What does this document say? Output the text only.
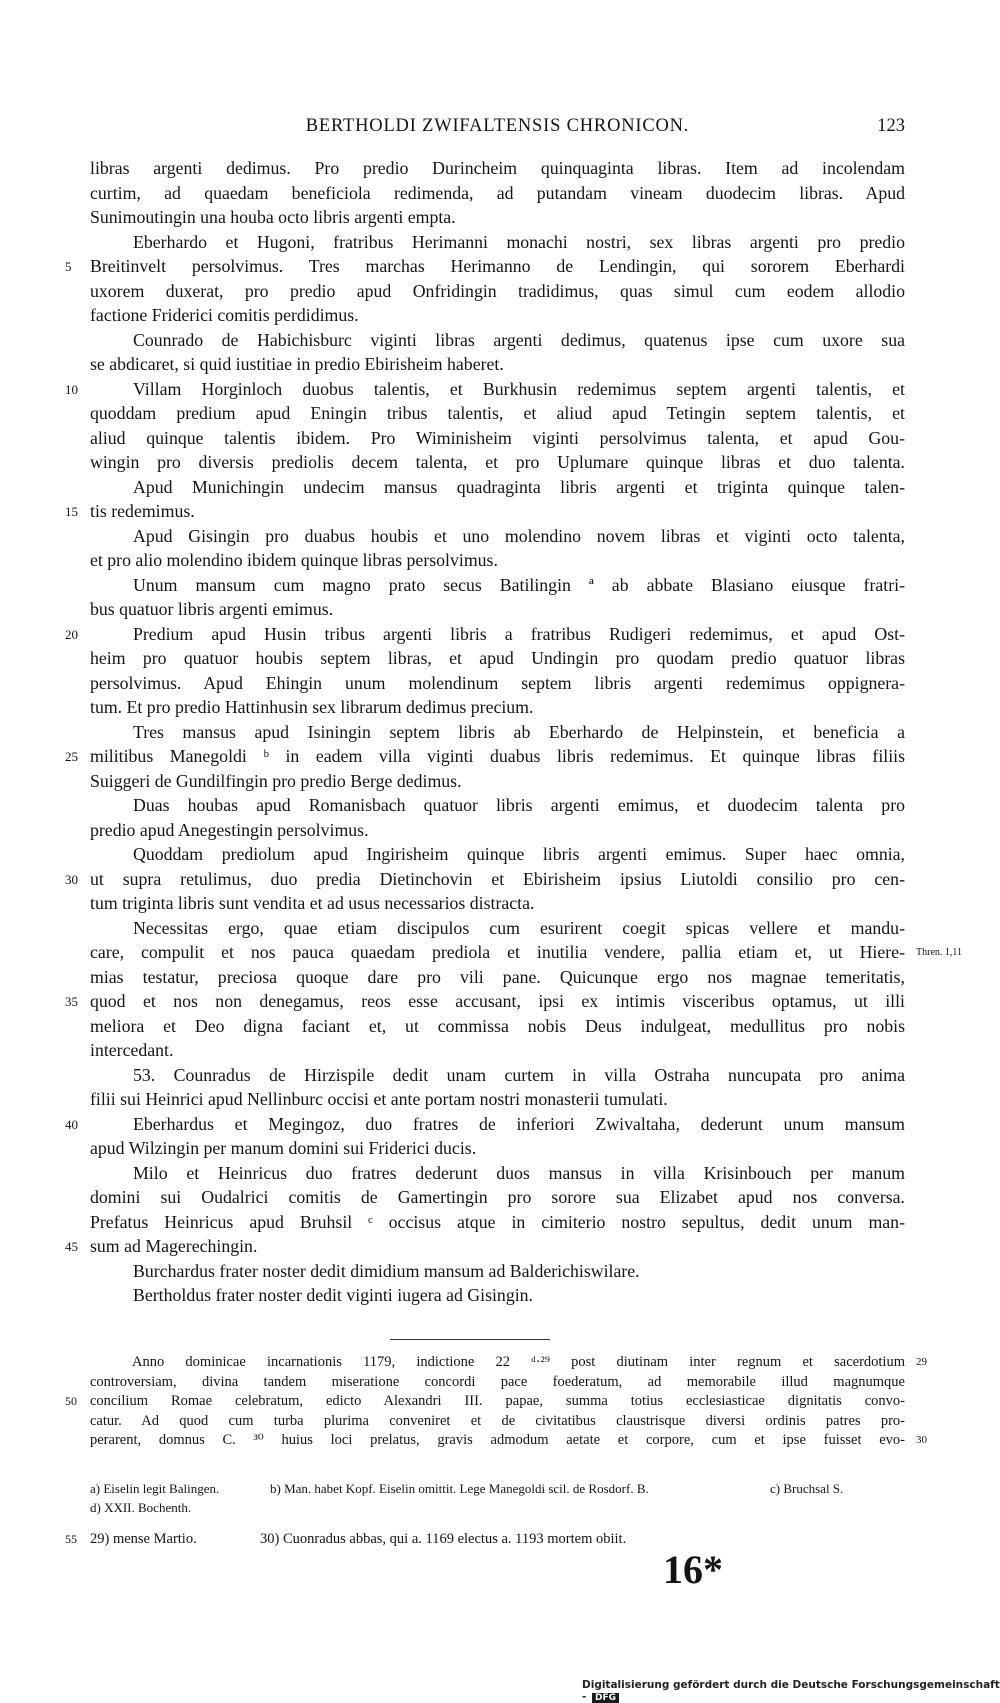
BERTHOLDI ZWIFALTENSIS CHRONICON.	123
libras argenti dedimus. Pro predio Durincheim quinquaginta libras. Item ad incolendam
curtim, ad quaedam beneficiola redimenda, ad putandam vineam duodecim libras. Apud
Sunimoutingin una houba octo libris argenti empta.
Eberhardo et Hugoni, fratribus Herimanni monachi nostri, sex libras argenti pro predio
5 Breitinvelt persolvimus. Tres marchas Herimanno de Lendingin, qui sororem Eberhardi
uxorem duxerat, pro predio apud Onfridingin tradidimus, quas simul cum eodem allodio
factione Friderici comitis perdidimus.
Counrado de Habichisburc viginti libras argenti dedimus, quatenus ipse cum uxore sua
se abdicaret, si quid iustitiae in predio Ebirisheim haberet.
10	Villam Horginloch duobus talentis, et Burkhusin redemimus septem argenti talentis, et
quoddam predium apud Eningin tribus talentis, et aliud apud Tetingin septem talentis, et
aliud quinque talentis ibidem. Pro Wiminisheim viginti persolvimus talenta, et apud Gou-
wingin pro diversis prediolis decem talenta, et pro Uplumare quinque libras et duo talenta.
Apud Munichingin undecim mansus quadraginta libris argenti et triginta quinque talen-
15 tis redemimus.
Apud Gisingin pro duabus houbis et uno molendino novem libras et viginti octo talenta,
et pro alio molendino ibidem quinque libras persolvimus.
Unum mansum cum magno prato secus Batilingin ª ab abbate Blasiano eiusque fratri-
bus quatuor libris argenti emimus.
20	Predium apud Husin tribus argenti libris a fratribus Rudigeri redemimus, et apud Ost-
heim pro quatuor houbis septem libras, et apud Undingin pro quodam predio quatuor libras
persolvimus. Apud Ehingin unum molendinum septem libris argenti redemimus oppignera-
tum. Et pro predio Hattinhusin sex librarum dedimus precium.
Tres mansus apud Isiningin septem libris ab Eberhardo de Helpinstein, et beneficia a
25 militibus Manegoldi ᵇ in eadem villa viginti duabus libris redemimus. Et quinque libras filiis
Suiggeri de Gundilfingin pro predio Berge dedimus.
Duas houbas apud Romanisbach quatuor libris argenti emimus, et duodecim talenta pro
predio apud Anegestingin persolvimus.
Quoddam prediolum apud Ingirisheim quinque libris argenti emimus. Super haec omnia,
30 ut supra retulimus, duo predia Dietinchovin et Ebirisheim ipsius Liutoldi consilio pro cen-
tum triginta libris sunt vendita et ad usus necessarios distracta.
Necessitas ergo, quae etiam discipulos cum esurirent coegit spicas vellere et mandu-
Thren. 1,11
care, compulit et nos pauca quaedam prediola et inutilia vendere, pallia etiam et, ut Hiere-
mias testatur, preciosa quoque dare pro vili pane. Quicunque ergo nos magnae temeritatis,
35 quod et nos non denegamus, reos esse accusant, ipsi ex intimis visceribus optamus, ut illi
meliora et Deo digna faciant et, ut commissa nobis Deus indulgeat, medullitus pro nobis
intercedant.
53. Counradus de Hirzispile dedit unam curtem in villa Ostraha nuncupata pro anima
filii sui Heinrici apud Nellinburc occisi et ante portam nostri monasterii tumulati.
40	Eberhardus et Megingoz, duo fratres de inferiori Zwivaltaha, dederunt unum mansum
apud Wilzingin per manum domini sui Friderici ducis.
Milo et Heinricus duo fratres dederunt duos mansus in villa Krisinbouch per manum
domini sui Oudalrici comitis de Gamertingin pro sorore sua Elizabet apud nos conversa.
Prefatus Heinricus apud Bruhsil ᶜ occisus atque in cimiterio nostro sepultus, dedit unum man-
45 sum ad Magerechingin.
Burchardus frater noster dedit dimidium mansum ad Balderichiswilare.
Bertholdus frater noster dedit viginti iugera ad Gisingin.
29
Anno dominicae incarnationis 1179, indictione 22 ᵈ·²⁹ post diutinam inter regnum et sacerdotium
controversiam, divina tandem miseratione concordi pace foederatum, ad memorabile illud magnumque
50 concilium Romae celebratum, edicto Alexandri III. papae, summa totius ecclesiasticae dignitatis convo-
catur. Ad quod cum turba plurima conveniret et de civitatibus claustrisque diversi ordinis patres pro-
30
perarent, domnus C. ³⁰ huius loci prelatus, gravis admodum aetate et corpore, cum et ipse fuisset evo-
a) Eiselin legit Balingen.	b) Man. habet Kopf. Eiselin omittit. Lege Manegoldi scil. de Rosdorf. B.	c) Bruchsal S.
d) XXII. Bochenth.
55 29) mense Martio.	30) Cuonradus abbas, qui a. 1169 electus a. 1193 mortem obiit.
16*
Digitalisierung gefördert durch die Deutsche Forschungsgemeinschaft - DFG
